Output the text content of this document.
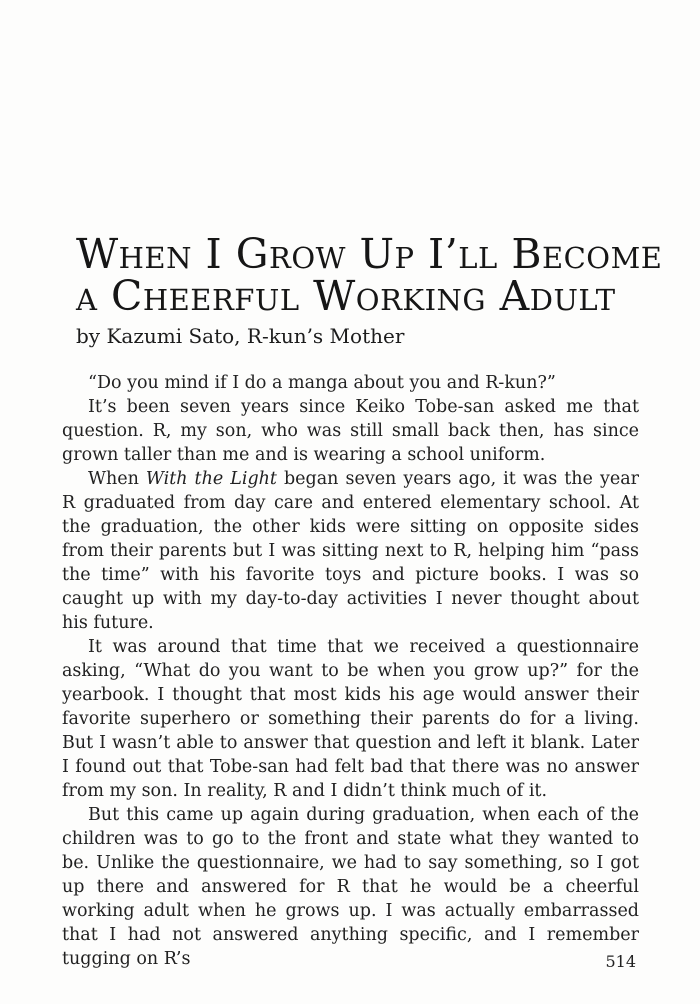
When I Grow Up I’ll Become
a Cheerful Working Adult
by Kazumi Sato, R-kun’s Mother

“Do you mind if I do a manga about you and R-kun?”

It’s been seven years since Keiko Tobe-san asked me that question. R, my son, who was still small back then, has since grown taller than me and is wearing a school uniform.

When With the Light began seven years ago, it was the year R graduated from day care and entered elementary school. At the graduation, the other kids were sitting on opposite sides from their parents but I was sitting next to R, helping him “pass the time” with his favorite toys and picture books. I was so caught up with my day-to-day activities I never thought about his future.

It was around that time that we received a questionnaire asking, “What do you want to be when you grow up?” for the yearbook. I thought that most kids his age would answer their favorite superhero or something their parents do for a living. But I wasn’t able to answer that question and left it blank. Later I found out that Tobe-san had felt bad that there was no answer from my son. In reality, R and I didn’t think much of it.

But this came up again during graduation, when each of the children was to go to the front and state what they wanted to be. Unlike the questionnaire, we had to say something, so I got up there and answered for R that he would be a cheerful working adult when he grows up. I was actually embarrassed that I had not answered anything specific, and I remember tugging on R’s	514
